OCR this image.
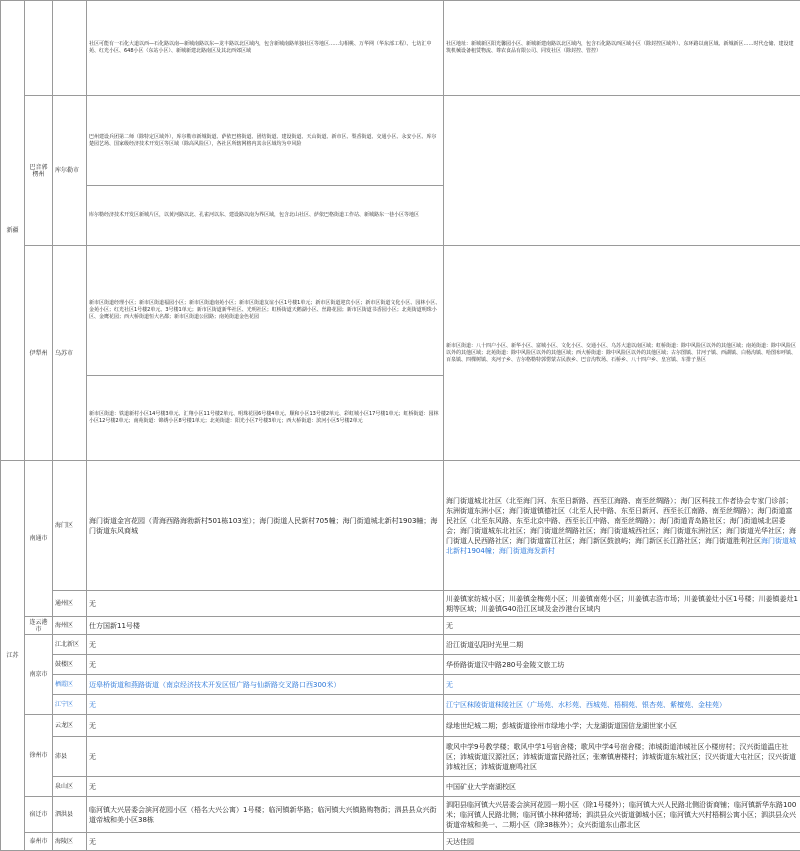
新疆			社区可能有一石化大道以西—石化路以南—新城南路以东—龙丰路以北区域内，包含新城南路单独社区等地区……勾相桃、万华网（华东部工程）、七坊汇中苑、红光小区、648小区（东站小区）、新城新建北路南区及其北西郊区域	社区地址：新城新区阳光馨园小区、新城新建南路以北区域内，包含石化路以西区域小区（除封控区域外）、东环路以南区域、新城新区……时代仓储、建设建筑机械设备租赁物流、尊农食品有限公司、同发社区（除封控、管控）
	巴音郭楞州	库尔勒市	巴州建设兵团第二师（除特定区域外），库尔勒市新城街道、萨依巴格街道、团结街道、建设街道、天山街道、新市区、梨香街道、交通小区、永安小区、库尔楚园艺场、国家级经济技术开发区等区域（除高风险区），各社区所辖网格内其余区域均为中风险	
			库尔勒经济技术开发区新城片区，以黄河路以北、孔雀河以东、建设路以南为界区域，包含北山社区、萨依巴格街道工作站、新城路东一巷小区等地区	
	伊犁州	乌苏市	新市区街道经理小区；新市区街道福园小区；新市区街道南苑小区；新市区街道友谊小区1号楼1单元；新市区街道迎宾小区；新市区街道文化小区、园林小区、金苑小区；红光社区1号楼2单元、3号楼1单元；新市区街道新华社区、光明社区；虹桥街道天鹅湖小区、丝路花园；新市区街道书香园小区；北苑街道明珠小区、金鹰花园；西大桥街道恒大名都；新市区街道公园路；南苑街道金色花园	新市区街道：八十四户小区、新华小区、富城小区、文化小区、交通小区、乌苏大道以南区域；虹桥街道：除中风险区以外的其他区域；南苑街道：除中风险区以外的其他区域；北苑街道：除中风险区以外的其他区域；西大桥街道：除中风险区以外的其他区域；古尔图镇、甘河子镇、西湖镇、白杨沟镇、哈图布呼镇、百泉镇、四棵树镇、夹河子乡、吉尔格勒特郭愣蒙古民族乡、巴音沟牧场、石桥乡、八十四户乡、皇宫镇、车排子垦区
			新市区街道：铁道新村小区14号楼3单元、汇翔小区11号楼2单元、明珠花园6号楼4单元、顺和小区13号楼2单元、彩虹城小区17号楼1单元；虹桥街道：园林小区12号楼2单元；南苑街道：锦绣小区8号楼1单元；北苑街道：阳光小区7号楼3单元；西大桥街道：滨河小区5号楼2单元	
江苏	南通市	海门区	海门街道金宫花园（青海西路海勃新村501栋103室）；海门街道人民新村705幢；海门街道城北新村1903幢；海门街道东风商城	海门街道城北社区（北至海门河、东至日新路、西至江海路、南至丝绸路）；海门区科技工作者协会专家门诊部；东洲街道东洲小区；海门街道镇德社区（北至人民中路、东至日新河、西至长江南路、南至丝绸路）；海门街道富民社区（北至东风路、东至北京中路、西至长江中路、南至丝绸路）；海门街道青岛路社区；海门街道城北居委会；海门街道城东北社区；海门街道丝绸路社区；海门街道城西社区；海门街道东洲社区；海门街道光华社区；海门街道人民西路社区；海门街道富江社区；海门新区鼓浪屿；海门新区长江路社区；海门街道胜利社区海门街道城北新村1904幢；海门街道海发新村
		通州区	无	川姜镇家纺城小区；川姜镇金梅苑小区；川姜镇南苑小区；川姜镇志浩市场；川姜镇姜灶小区1号楼；川姜镇姜灶1期等区域；川姜镇G40沿江区域及金沙港台区域内
	连云港市	海州区	仕方国新11号楼	无
	南京市	江北新区	无	沿江街道弘阳时光里二期
		鼓楼区	无	华侨路街道汉中路280号金陵文旅工坊
		栖霞区	迈皋桥街道和燕路街道（南京经济技术开发区恒广路与仙新路交叉路口西300米）	无
		江宁区	无	江宁区秣陵街道秣陵社区（广场苑、水杉苑、西城苑、梧桐苑、银杏苑、紫檀苑、金桂苑）
	徐州市	云龙区	无	绿地世纪城二期；彭城街道徐州市绿地小学；大龙湖街道国信龙湖世家小区
		沛县	无	歌风中学9号教学楼；歌风中学1号宿舍楼；歌风中学4号宿舍楼；沛城街道沛城社区小楼房村；汉兴街道温庄社区；沛城街道汉源社区；沛城街道富民路社区；张寨镇唐楼村；沛城街道东城社区；汉兴街道大屯社区；汉兴街道沛城社区；沛城街道鹿鸣社区
		泉山区	无	中国矿业大学南湖校区
	宿迁市	泗洪县	临河镇大兴居委会滨河花园小区（梧名大兴公寓）1号楼；临河镇新华路；临河镇大兴镇路购物街；泗县县众兴街道帝城和美小区38栋	泗阳县临河镇大兴居委会滨河花园一期小区（除1号楼外）；临河镇大兴人民路北侧沿街商铺；临河镇新华东路100米；临河镇人民路北侧；临河镇小林种猪场；泗洪县众兴街道御城小区；临河镇大兴村梧桐公寓小区；泗洪县众兴街道帝城和美一、二期小区（除38栋外）；众兴街道东山郡北区
	泰州市	海陵区	无	天达佳园
